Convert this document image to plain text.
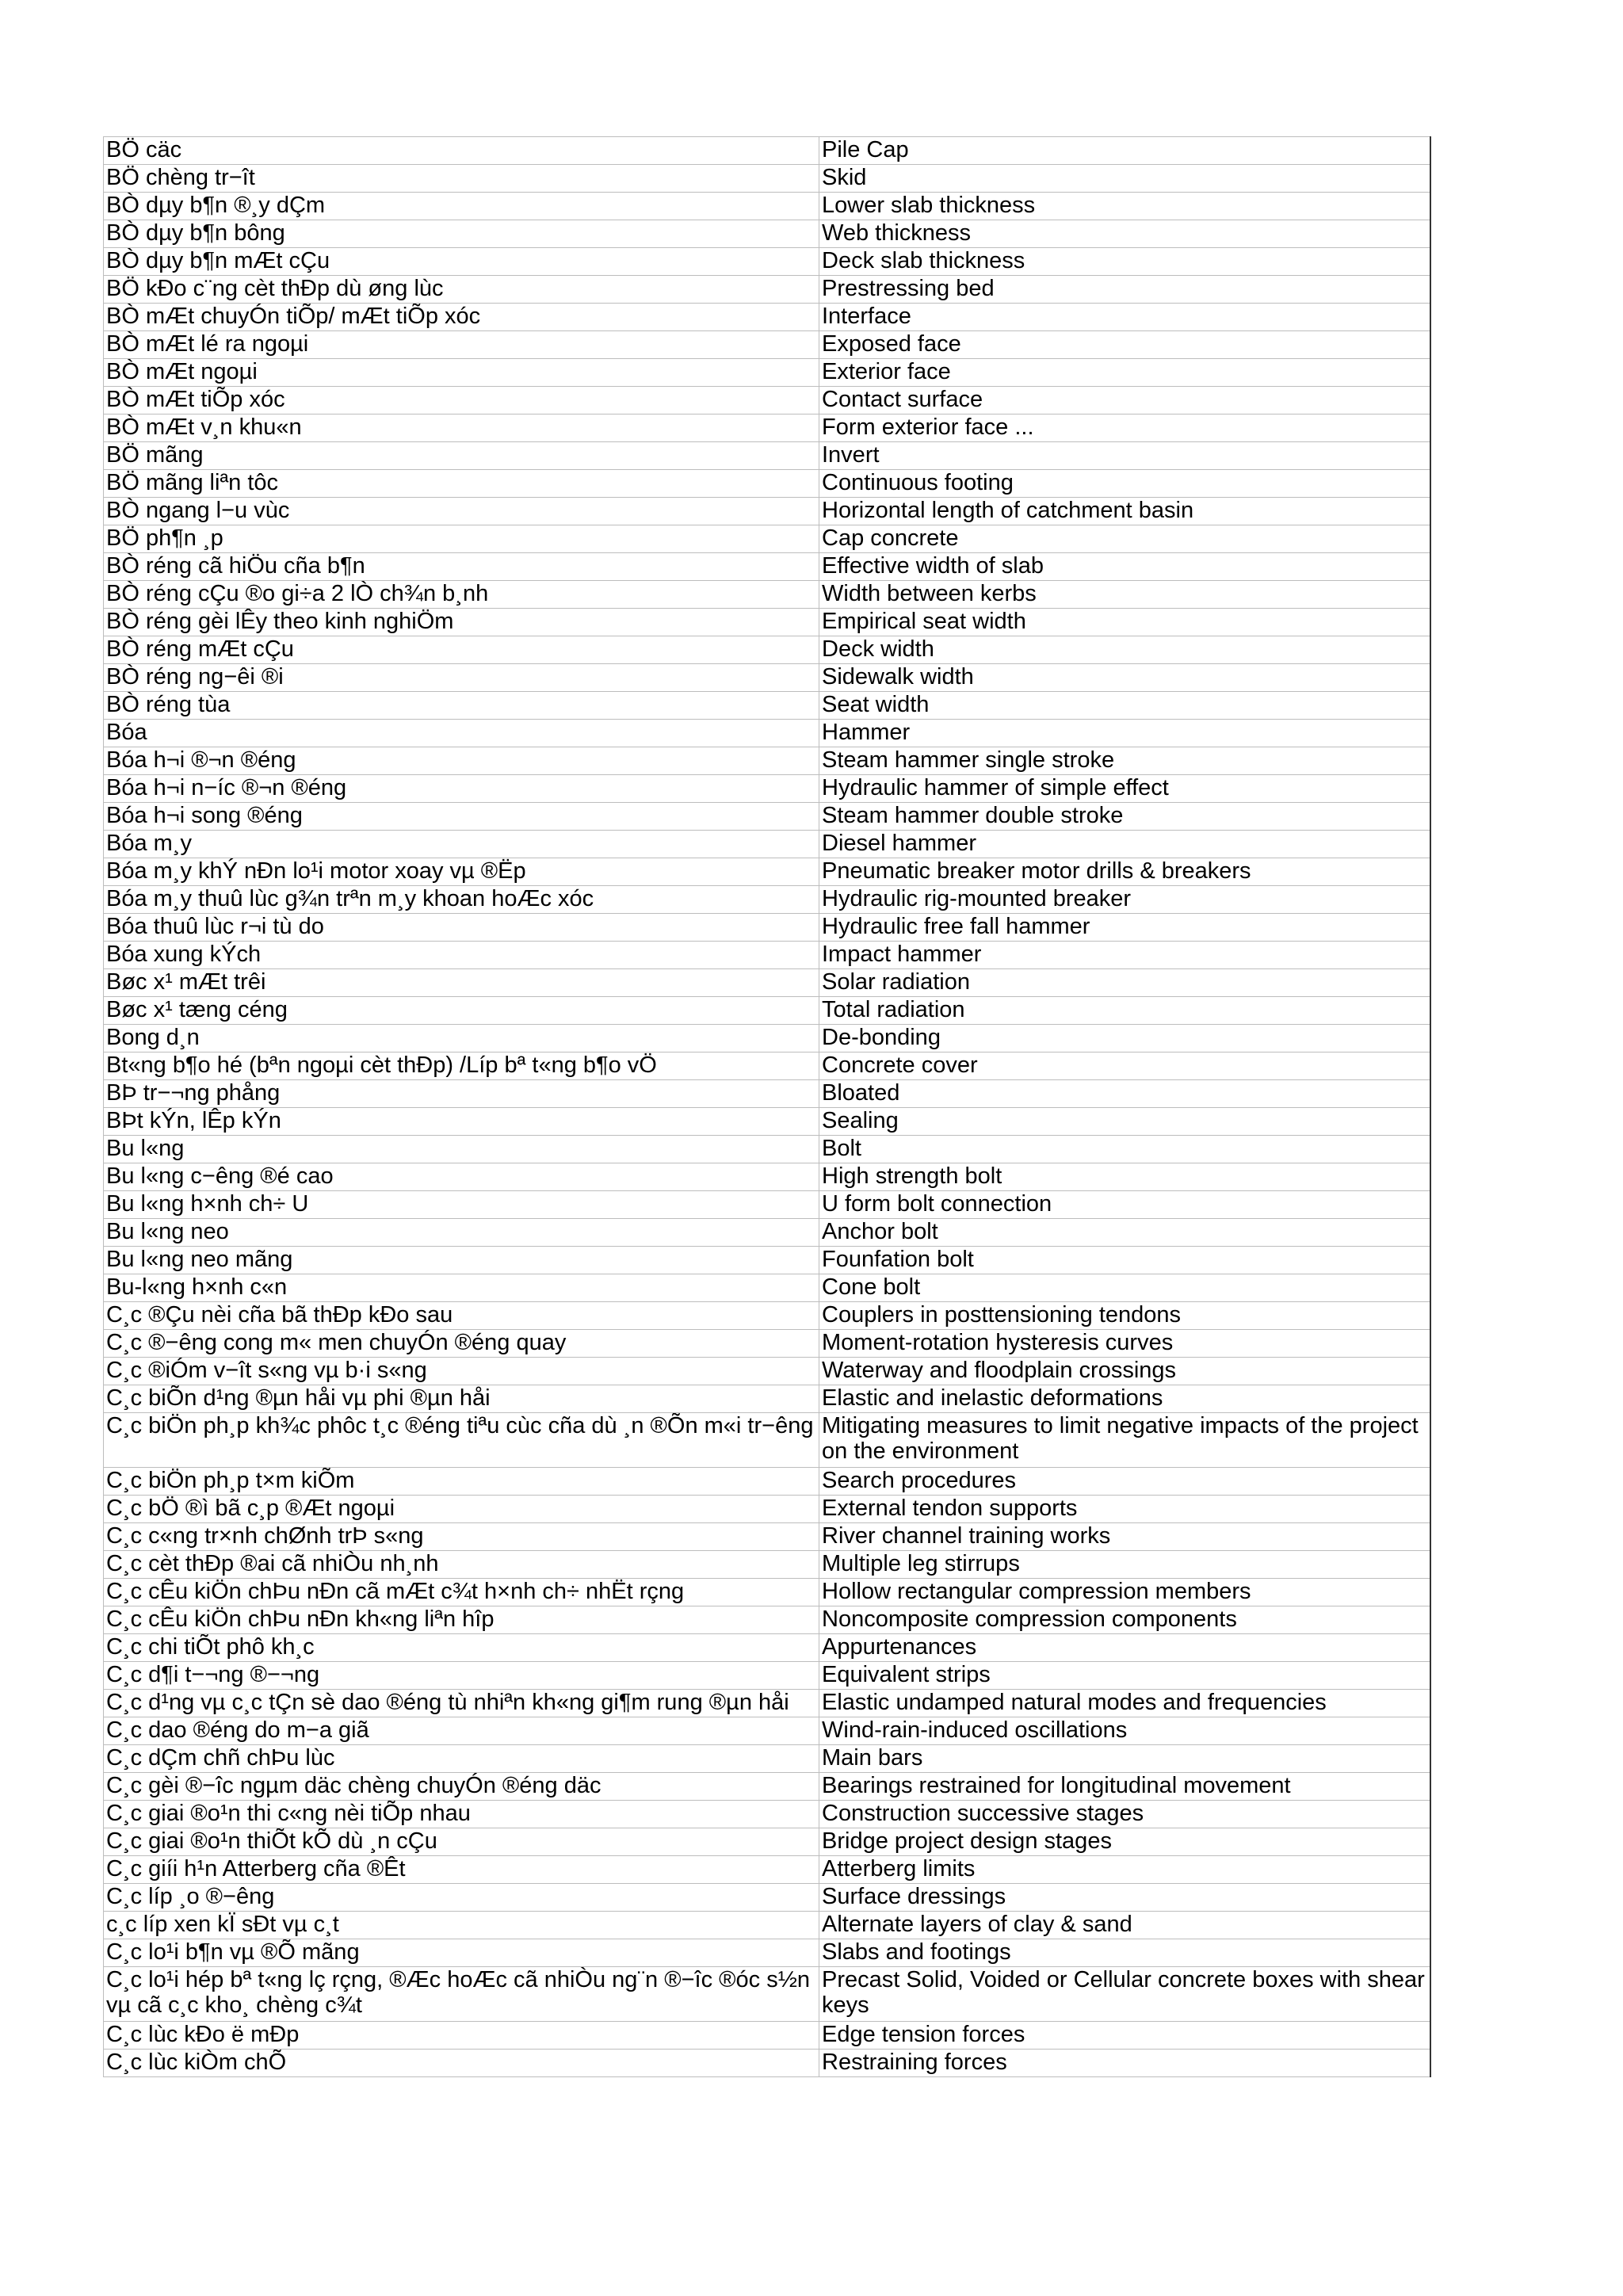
BÖ cäc	Pile Cap
BÖ chèng tr−ît	Skid
BÒ dµy b¶n ®¸y dÇm	Lower slab thickness
BÒ dµy b¶n bông	Web thickness
BÒ dµy b¶n mÆt cÇu	Deck slab thickness
BÖ kÐo c¨ng cèt thÐp dù øng lùc	Prestressing bed
BÒ mÆt chuyÓn tiÕp/ mÆt tiÕp xóc	Interface
BÒ mÆt lé ra ngoµi	Exposed face
BÒ mÆt ngoµi	Exterior face
BÒ mÆt tiÕp xóc	Contact surface
BÒ mÆt v¸n khu«n	Form exterior face ...
BÖ mãng	Invert
BÖ mãng liªn tôc	Continuous footing
BÒ ngang l−u vùc	Horizontal length of catchment basin
BÖ ph¶n ¸p	Cap concrete
BÒ réng cã hiÖu cña b¶n	Effective width of slab
BÒ réng cÇu ®o gi÷a 2 lÒ ch¾n b¸nh	Width between kerbs
BÒ réng gèi lÊy theo kinh nghiÖm	Empirical seat width
BÒ réng mÆt cÇu	Deck width
BÒ réng ng−êi ®i	Sidewalk width
BÒ réng tùa	Seat width
Bóa	Hammer
Bóa h¬i ®¬n ®éng	Steam hammer single stroke
Bóa h¬i n−íc ®¬n ®éng	Hydraulic hammer of simple effect
Bóa h¬i song ®éng	Steam hammer double stroke
Bóa m¸y	Diesel hammer
Bóa m¸y khÝ nÐn lo¹i motor xoay vµ ®Ëp	Pneumatic breaker motor drills & breakers
Bóa m¸y thuû lùc g¾n trªn m¸y khoan hoÆc xóc	Hydraulic rig-mounted breaker
Bóa thuû lùc r¬i tù do	Hydraulic free fall hammer
Bóa xung kÝch	Impact hammer
Bøc x¹ mÆt trêi	Solar radiation
Bøc x¹ tæng céng	Total radiation
Bong d¸n	De-bonding
Bt«ng b¶o hé (bªn ngoµi cèt thÐp) /Líp bª t«ng b¶o vÖ	Concrete cover
BÞ tr−¬ng phång	Bloated
BÞt kÝn, lÊp kÝn	Sealing
Bu l«ng	Bolt
Bu l«ng c−êng ®é cao	High strength bolt
Bu l«ng h×nh ch÷ U	U form bolt connection
Bu l«ng neo	Anchor bolt
Bu l«ng neo mãng	Founfation bolt
Bu-l«ng h×nh c«n	Cone bolt
C¸c ®Çu nèi cña bã thÐp kÐo sau	Couplers in posttensioning tendons
C¸c ®−êng cong m« men chuyÓn ®éng quay	Moment-rotation hysteresis curves
C¸c ®iÓm v−ît s«ng vµ b·i s«ng	Waterway and floodplain crossings
C¸c biÕn d¹ng ®µn håi vµ phi ®µn håi	Elastic and inelastic deformations
C¸c biÖn ph¸p kh¾c phôc t¸c ®éng tiªu cùc cña dù ¸n ®Õn m«i tr−êng	Mitigating measures to limit negative impacts of the project on the environment
C¸c biÖn ph¸p t×m kiÕm	Search procedures
C¸c bÖ ®ì bã c¸p ®Æt ngoµi	External tendon supports
C¸c c«ng tr×nh chØnh trÞ s«ng	River channel training works
C¸c cèt thÐp ®ai cã nhiÒu nh¸nh	Multiple leg stirrups
C¸c cÊu kiÖn chÞu nÐn cã mÆt c¾t h×nh ch÷ nhËt rçng	Hollow rectangular compression members
C¸c cÊu kiÖn chÞu nÐn kh«ng liªn hîp	Noncomposite compression components
C¸c chi tiÕt phô kh¸c	Appurtenances
C¸c d¶i t−¬ng ®−¬ng	Equivalent strips
C¸c d¹ng vµ c¸c tÇn sè dao ®éng tù nhiªn kh«ng gi¶m rung ®µn håi	Elastic undamped natural modes and frequencies
C¸c dao ®éng do m−a giã	Wind-rain-induced oscillations
C¸c dÇm chñ chÞu lùc	Main bars
C¸c gèi ®−îc ngµm däc chèng chuyÓn ®éng däc	Bearings restrained for longitudinal movement
C¸c giai ®o¹n thi c«ng nèi tiÕp nhau	Construction successive stages
C¸c giai ®o¹n thiÕt kÕ dù ¸n cÇu	Bridge project design stages
C¸c giíi h¹n Atterberg cña ®Êt	Atterberg limits
C¸c líp ¸o ®−êng	Surface dressings
c¸c líp xen kÏ sÐt vµ c¸t	Alternate layers of clay & sand
C¸c lo¹i b¶n vµ ®Õ mãng	Slabs and footings
C¸c lo¹i hép bª t«ng lç rçng, ®Æc hoÆc cã nhiÒu ng¨n ®−îc ®óc s½n vµ cã c¸c kho¸ chèng c¾t	Precast Solid, Voided or Cellular concrete boxes with shear keys
C¸c lùc kÐo ë mÐp	Edge tension forces
C¸c lùc kiÒm chÕ	Restraining forces
